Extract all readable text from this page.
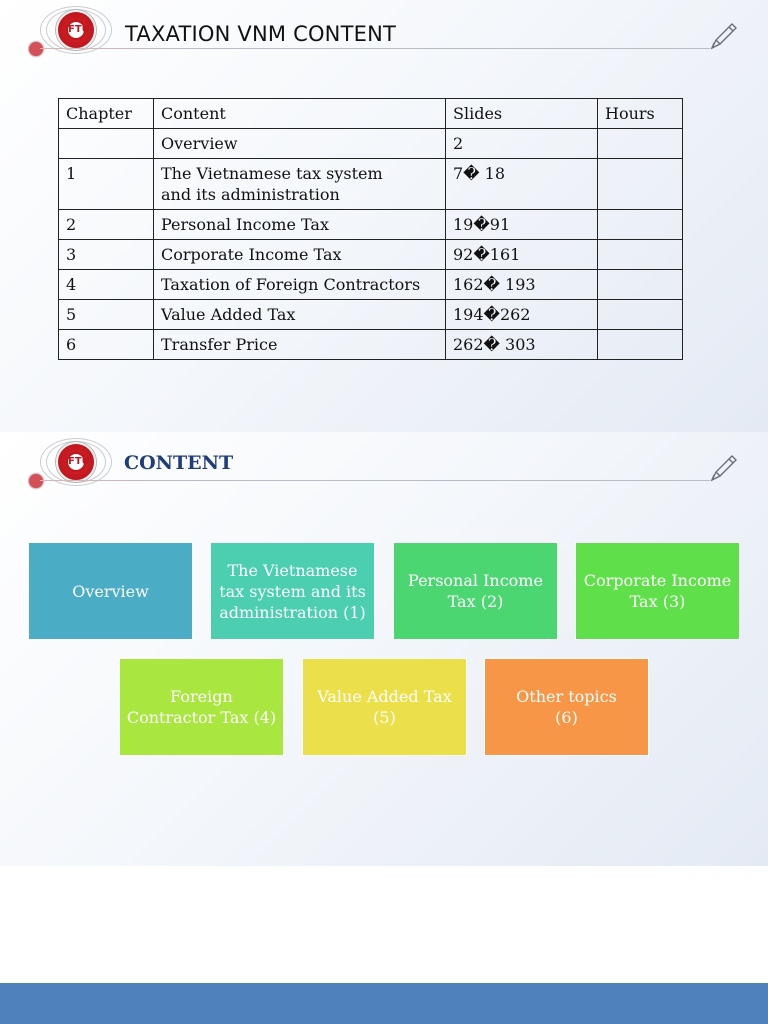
FTU TAXATION VNM CONTENT
Chapter	Content	Slides	Hours
	Overview	2	
1	The Vietnamese tax system and its administration	7� 18	
2	Personal Income Tax	19�91	
3	Corporate Income Tax	92�161	
4	Taxation of Foreign Contractors	162� 193	
5	Value Added Tax	194�262	
6	Transfer Price	262� 303	
FTU CONTENT
Overview
The Vietnamese tax system and its administration (1)
Personal Income Tax (2)
Corporate Income Tax (3)
Foreign Contractor Tax (4)
Value Added Tax (5)
Other topics (6)
